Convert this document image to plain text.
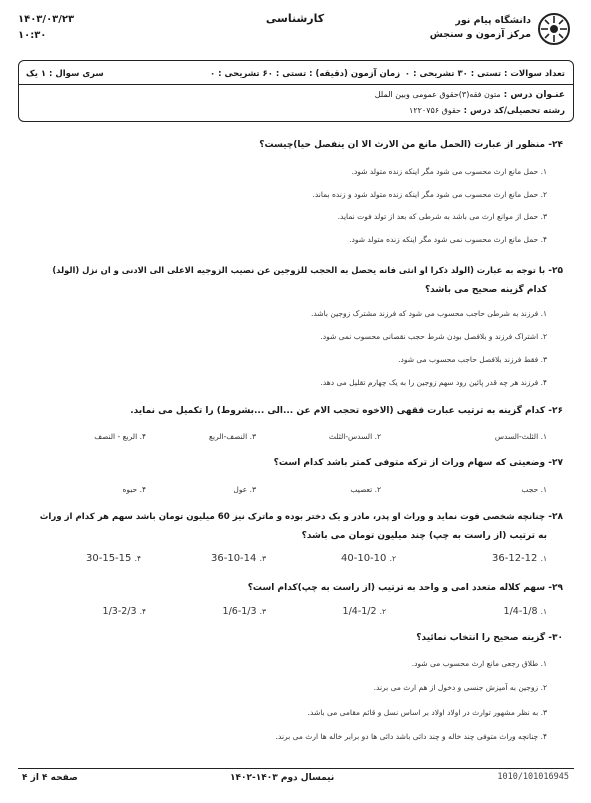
۱۴۰۳/۰۳/۲۳
۱۰:۳۰
کارشناسی	دانشگاه پیام نور
مرکز آزمون و سنجش
تعداد سوالات : تستی : ۳۰ تشریحی : ۰
زمان آزمون (دقیقه) : تستی : ۶۰ تشریحی : ۰
سری سوال : ۱ یک
عنـوان درس : متون فقه(۳)حقوق عمومی وبین الملل
رشته تحصیلی/کد درس : حقوق ۱۲۲۰۷۵۶
۲۴- منظور از عبارت (الحمل مانع من الارث الا ان ینفصل حیا)چیست؟
۱. حمل مانع ارث محسوب می شود مگر اینکه زنده متولد شود.
۲. حمل مانع ارث محسوب می شود مگر اینکه زنده متولد شود و زنده بماند.
۳. حمل از موانع ارث می باشد به شرطی که بعد از تولد فوت نماید.
۴. حمل مانع ارث محسوب نمی شود مگر اینکه زنده متولد شود.
۲۵- با توجه به عبارت (الولد ذکرا او انثی فانه یحصل به الحجب للزوجین عن نصیب الزوجیه الاعلی الی الادنی و ان نزل (الولد)
کدام گزینه صحیح می باشد؟
۱. فرزند به شرطی حاجب محسوب می شود که فرزند مشترک زوجین باشد.
۲. اشتراک فرزند و بلافصل بودن شرط حجب نقصانی محسوب نمی شود.
۳. فقط فرزند بلافصل حاجب محسوب می شود.
۴. فرزند هر چه قدر پائین رود سهم زوجین را به یک چهارم تقلیل می دهد.
۲۶- کدام گزینه به ترتیب عبارت فقهی (الاخوه تحجب الام عن ...الی ...بشروط) را تکمیل می نماید.
۱. الثلث-السدس
۲. السدس-الثلث
۳. النصف-الربع
۴. الربع - النصف
۲۷- وضعیتی که سهام وراث از ترکه متوفی کمتر باشد کدام است؟
۱. حجب
۲. تعصیب
۳. عول
۴. حبوه
۲۸- چنانچه شخصی فوت نماید و وراث او پدر، مادر و یک دختر بوده و ماترک نیز 60 میلیون تومان باشد سهم هر کدام از وراث
به ترتیب (از راست به چپ) چند میلیون تومان می باشد؟
۱. 36-12-12
۲. 40-10-10
۳. 36-10-14
۴. 30-15-15
۲۹- سهم کلاله متعدد امی و واحد به ترتیب (از راست به چپ)کدام است؟
۱. 1/4-1/8
۲. 1/4-1/2
۳. 1/6-1/3
۴. 1/3-2/3
۳۰- گزینه صحیح را انتخاب نمائید؟
۱. طلاق رجعی مانع ارث محسوب می شود.
۲. زوجین به آمیزش جنسی و دخول از هم ارث می برند.
۳. به نظر مشهور توارث در اولاد اولاد بر اساس نسل و قائم مقامی می باشد.
۴. چنانچه وراث متوفی چند خاله و چند دائی باشد دائی ها دو برابر خاله ها ارث می برند.
صفحه ۴ از ۴	نیمسال دوم ۱۴۰۳-۱۴۰۲	1010/101016945
